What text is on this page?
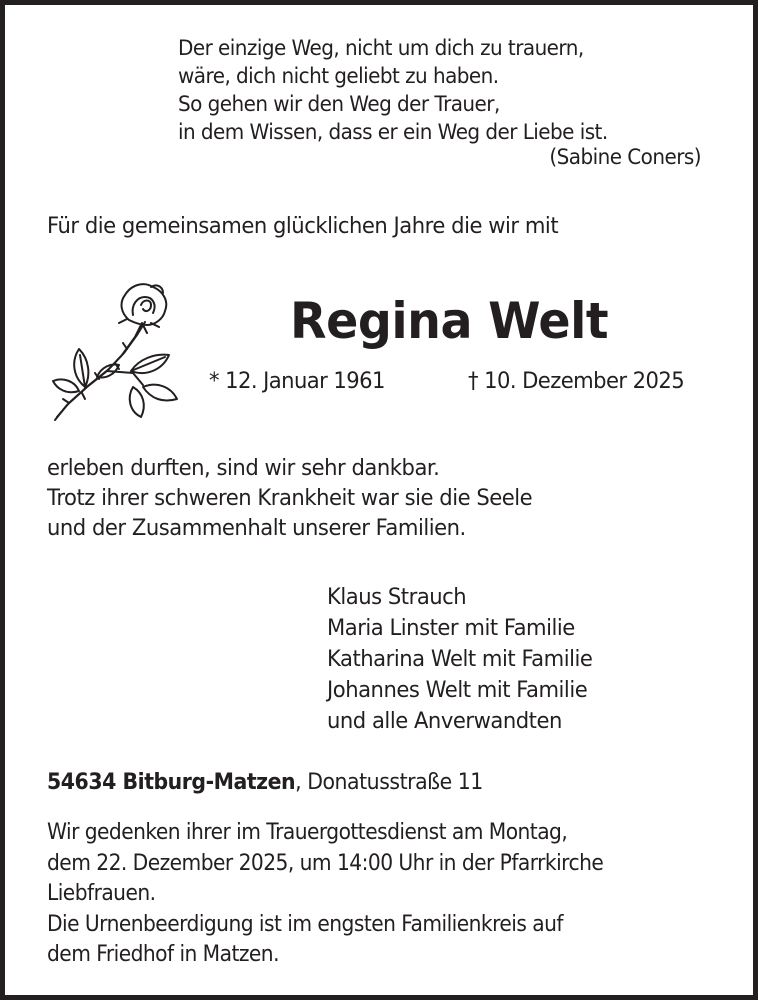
Der einzige Weg, nicht um dich zu trauern,
wäre, dich nicht geliebt zu haben.
So gehen wir den Weg der Trauer,
in dem Wissen, dass er ein Weg der Liebe ist.
(Sabine Coners)
Für die gemeinsamen glücklichen Jahre die wir mit
Regina Welt
* 12. Januar 1961	† 10. Dezember 2025
erleben durften, sind wir sehr dankbar.
Trotz ihrer schweren Krankheit war sie die Seele
und der Zusammenhalt unserer Familien.
Klaus Strauch
Maria Linster mit Familie
Katharina Welt mit Familie
Johannes Welt mit Familie
und alle Anverwandten
54634 Bitburg-Matzen, Donatusstraße 11
Wir gedenken ihrer im Trauergottesdienst am Montag,
dem 22. Dezember 2025, um 14:00 Uhr in der Pfarrkirche
Liebfrauen.
Die Urnenbeerdigung ist im engsten Familienkreis auf
dem Friedhof in Matzen.
